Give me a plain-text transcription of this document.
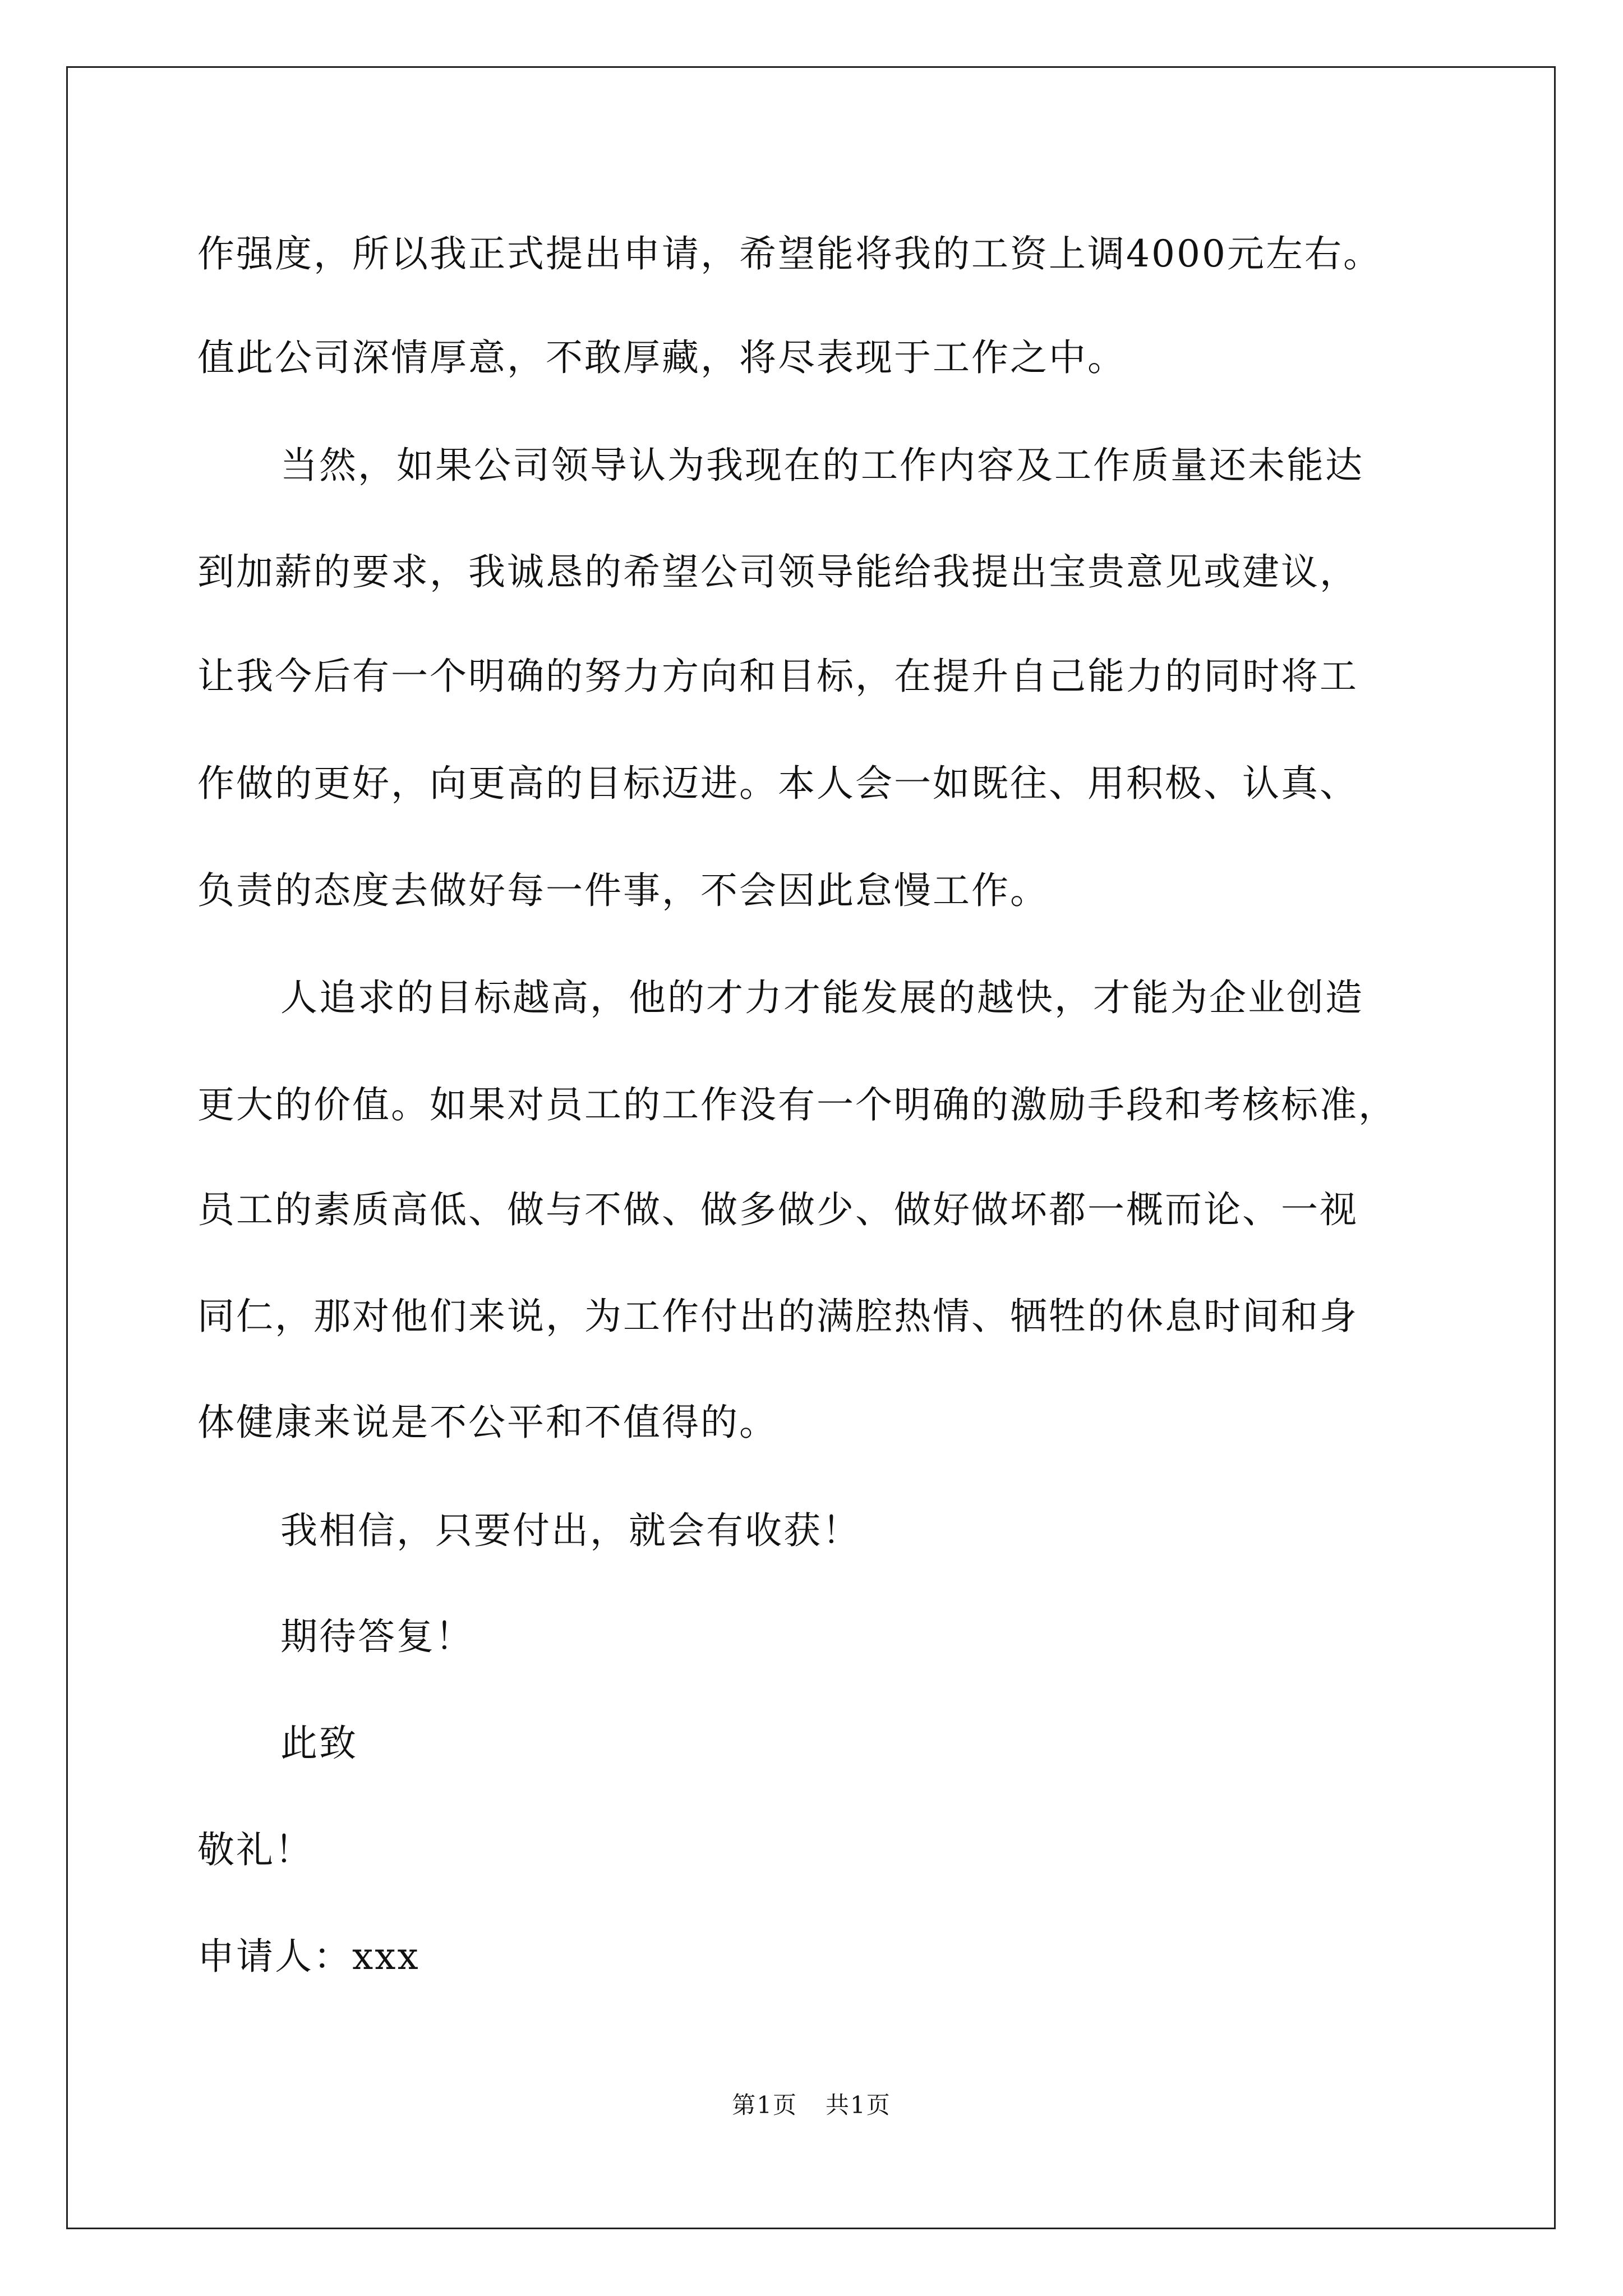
作强度，所以我正式提出申请，希望能将我的工资上调4000元左右。
值此公司深情厚意，不敢厚藏，将尽表现于工作之中。
当然，如果公司领导认为我现在的工作内容及工作质量还未能达
到加薪的要求，我诚恳的希望公司领导能给我提出宝贵意见或建议，
让我今后有一个明确的努力方向和目标，在提升自己能力的同时将工
作做的更好，向更高的目标迈进。本人会一如既往、用积极、认真、
负责的态度去做好每一件事，不会因此怠慢工作。
人追求的目标越高，他的才力才能发展的越快，才能为企业创造
更大的价值。如果对员工的工作没有一个明确的激励手段和考核标准，
员工的素质高低、做与不做、做多做少、做好做坏都一概而论、一视
同仁，那对他们来说，为工作付出的满腔热情、牺牲的休息时间和身
体健康来说是不公平和不值得的。
我相信，只要付出，就会有收获！
期待答复！
此致
敬礼！
申请人：xxx
第1页 共1页
